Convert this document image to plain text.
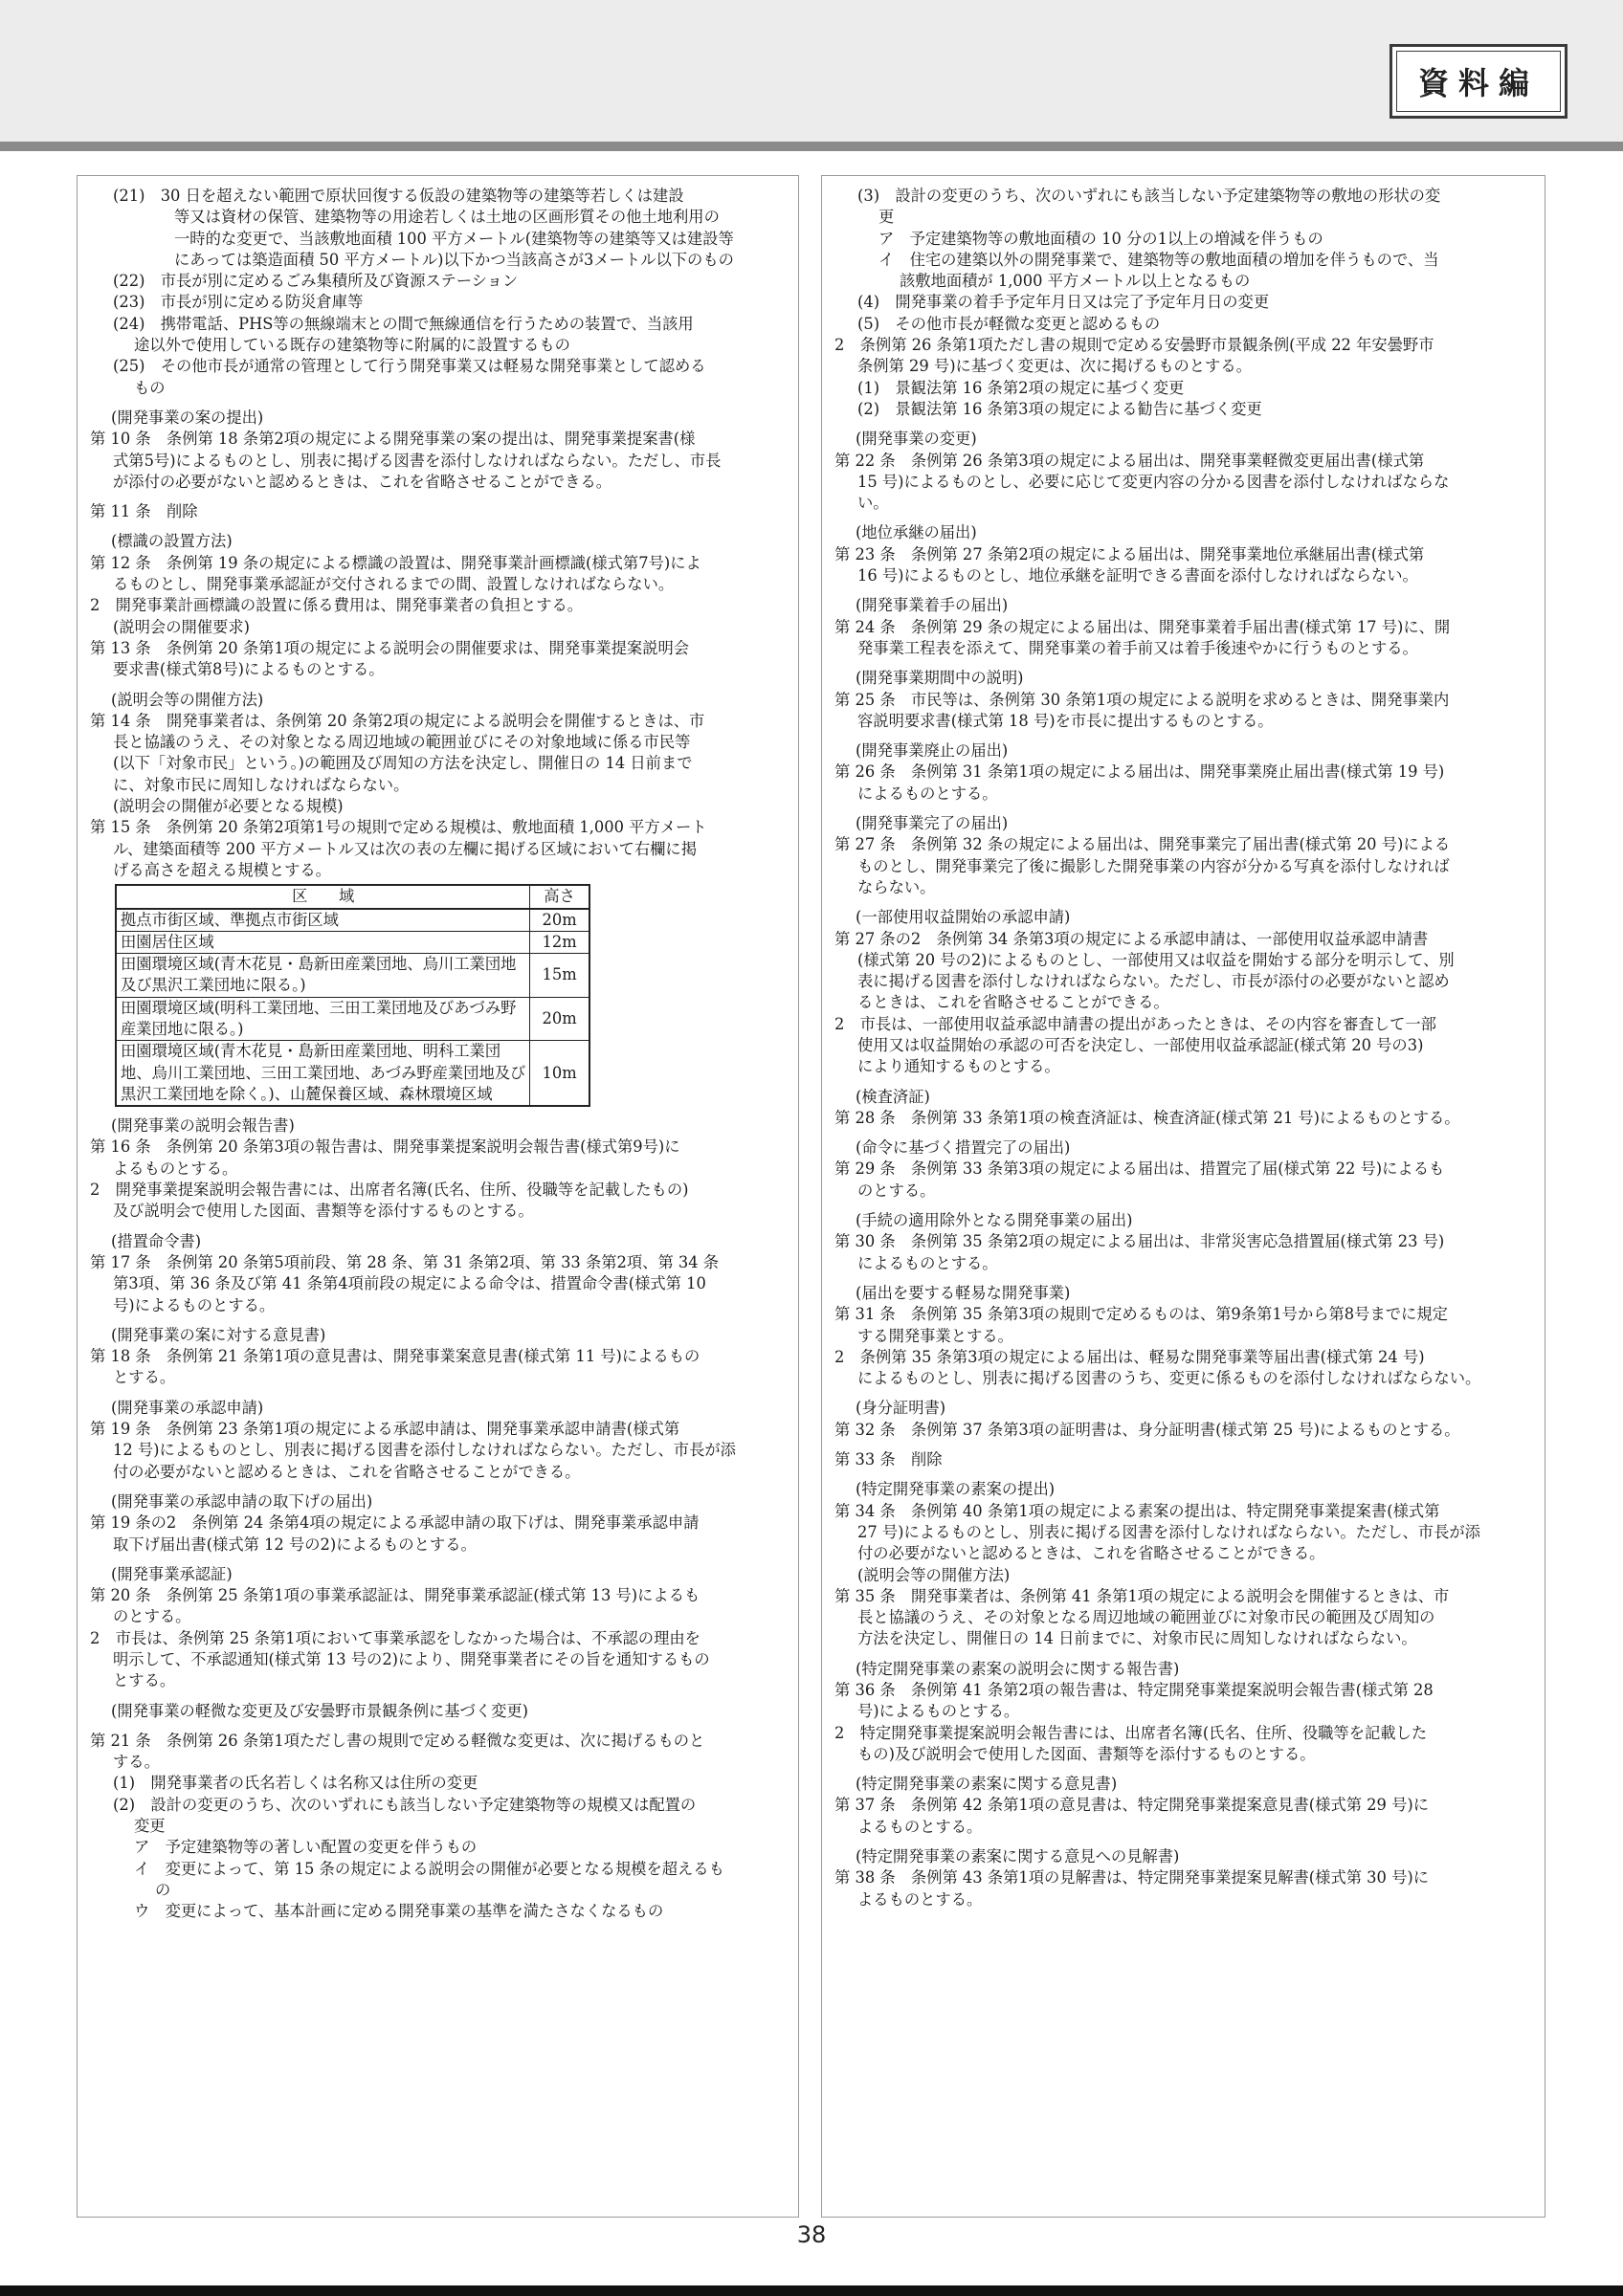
資料編
(21)　30 日を超えない範囲で原状回復する仮設の建築物等の建築等若しくは建設
等又は資材の保管、建築物等の用途若しくは土地の区画形質その他土地利用の
一時的な変更で、当該敷地面積 100 平方メートル(建築物等の建築等又は建設等
にあっては築造面積 50 平方メートル)以下かつ当該高さが3メートル以下のもの
(22)　市長が別に定めるごみ集積所及び資源ステーション
(23)　市長が別に定める防災倉庫等
(24)　携帯電話、PHS等の無線端末との間で無線通信を行うための装置で、当該用
途以外で使用している既存の建築物等に附属的に設置するもの
(25)　その他市長が通常の管理として行う開発事業又は軽易な開発事業として認める
もの
(開発事業の案の提出)
第 10 条　条例第 18 条第2項の規定による開発事業の案の提出は、開発事業提案書(様
式第5号)によるものとし、別表に掲げる図書を添付しなければならない。ただし、市長
が添付の必要がないと認めるときは、これを省略させることができる。
第 11 条　削除
(標識の設置方法)
第 12 条　条例第 19 条の規定による標識の設置は、開発事業計画標識(様式第7号)によ
るものとし、開発事業承認証が交付されるまでの間、設置しなければならない。
2　開発事業計画標識の設置に係る費用は、開発事業者の負担とする。
(説明会の開催要求)
第 13 条　条例第 20 条第1項の規定による説明会の開催要求は、開発事業提案説明会
要求書(様式第8号)によるものとする。
(説明会等の開催方法)
第 14 条　開発事業者は、条例第 20 条第2項の規定による説明会を開催するときは、市
長と協議のうえ、その対象となる周辺地域の範囲並びにその対象地域に係る市民等
(以下「対象市民」という。)の範囲及び周知の方法を決定し、開催日の 14 日前まで
に、対象市民に周知しなければならない。
(説明会の開催が必要となる規模)
第 15 条　条例第 20 条第2項第1号の規則で定める規模は、敷地面積 1,000 平方メート
ル、建築面積等 200 平方メートル又は次の表の左欄に掲げる区域において右欄に掲
げる高さを超える規模とする。
区　　域	高さ

拠点市街区域、準拠点市街区域	20m

田園居住区域	12m

田園環境区域(青木花見・島新田産業団地、烏川工業団地
及び黒沢工業団地に限る。)	15m

田園環境区域(明科工業団地、三田工業団地及びあづみ野
産業団地に限る。)	20m

田園環境区域(青木花見・島新田産業団地、明科工業団
地、烏川工業団地、三田工業団地、あづみ野産業団地及び
黒沢工業団地を除く。)、山麓保養区域、森林環境区域	10m
(開発事業の説明会報告書)
第 16 条　条例第 20 条第3項の報告書は、開発事業提案説明会報告書(様式第9号)に
よるものとする。
2　開発事業提案説明会報告書には、出席者名簿(氏名、住所、役職等を記載したもの)
及び説明会で使用した図面、書類等を添付するものとする。
(措置命令書)
第 17 条　条例第 20 条第5項前段、第 28 条、第 31 条第2項、第 33 条第2項、第 34 条
第3項、第 36 条及び第 41 条第4項前段の規定による命令は、措置命令書(様式第 10
号)によるものとする。
(開発事業の案に対する意見書)
第 18 条　条例第 21 条第1項の意見書は、開発事業案意見書(様式第 11 号)によるもの
とする。
(開発事業の承認申請)
第 19 条　条例第 23 条第1項の規定による承認申請は、開発事業承認申請書(様式第
12 号)によるものとし、別表に掲げる図書を添付しなければならない。ただし、市長が添
付の必要がないと認めるときは、これを省略させることができる。
(開発事業の承認申請の取下げの届出)
第 19 条の2　条例第 24 条第4項の規定による承認申請の取下げは、開発事業承認申請
取下げ届出書(様式第 12 号の2)によるものとする。
(開発事業承認証)
第 20 条　条例第 25 条第1項の事業承認証は、開発事業承認証(様式第 13 号)によるも
のとする。
2　市長は、条例第 25 条第1項において事業承認をしなかった場合は、不承認の理由を
明示して、不承認通知(様式第 13 号の2)により、開発事業者にその旨を通知するもの
とする。
(開発事業の軽微な変更及び安曇野市景観条例に基づく変更)
第 21 条　条例第 26 条第1項ただし書の規則で定める軽微な変更は、次に掲げるものと
する。
(1)　開発事業者の氏名若しくは名称又は住所の変更
(2)　設計の変更のうち、次のいずれにも該当しない予定建築物等の規模又は配置の
変更
ア　予定建築物等の著しい配置の変更を伴うもの
イ　変更によって、第 15 条の規定による説明会の開催が必要となる規模を超えるも
の
ウ　変更によって、基本計画に定める開発事業の基準を満たさなくなるもの
(3)　設計の変更のうち、次のいずれにも該当しない予定建築物等の敷地の形状の変
更
ア　予定建築物等の敷地面積の 10 分の1以上の増減を伴うもの
イ　住宅の建築以外の開発事業で、建築物等の敷地面積の増加を伴うもので、当
該敷地面積が 1,000 平方メートル以上となるもの
(4)　開発事業の着手予定年月日又は完了予定年月日の変更
(5)　その他市長が軽微な変更と認めるもの
2　条例第 26 条第1項ただし書の規則で定める安曇野市景観条例(平成 22 年安曇野市
条例第 29 号)に基づく変更は、次に掲げるものとする。
(1)　景観法第 16 条第2項の規定に基づく変更
(2)　景観法第 16 条第3項の規定による勧告に基づく変更
(開発事業の変更)
第 22 条　条例第 26 条第3項の規定による届出は、開発事業軽微変更届出書(様式第
15 号)によるものとし、必要に応じて変更内容の分かる図書を添付しなければならな
い。
(地位承継の届出)
第 23 条　条例第 27 条第2項の規定による届出は、開発事業地位承継届出書(様式第
16 号)によるものとし、地位承継を証明できる書面を添付しなければならない。
(開発事業着手の届出)
第 24 条　条例第 29 条の規定による届出は、開発事業着手届出書(様式第 17 号)に、開
発事業工程表を添えて、開発事業の着手前又は着手後速やかに行うものとする。
(開発事業期間中の説明)
第 25 条　市民等は、条例第 30 条第1項の規定による説明を求めるときは、開発事業内
容説明要求書(様式第 18 号)を市長に提出するものとする。
(開発事業廃止の届出)
第 26 条　条例第 31 条第1項の規定による届出は、開発事業廃止届出書(様式第 19 号)
によるものとする。
(開発事業完了の届出)
第 27 条　条例第 32 条の規定による届出は、開発事業完了届出書(様式第 20 号)による
ものとし、開発事業完了後に撮影した開発事業の内容が分かる写真を添付しなければ
ならない。
(一部使用収益開始の承認申請)
第 27 条の2　条例第 34 条第3項の規定による承認申請は、一部使用収益承認申請書
(様式第 20 号の2)によるものとし、一部使用又は収益を開始する部分を明示して、別
表に掲げる図書を添付しなければならない。ただし、市長が添付の必要がないと認め
るときは、これを省略させることができる。
2　市長は、一部使用収益承認申請書の提出があったときは、その内容を審査して一部
使用又は収益開始の承認の可否を決定し、一部使用収益承認証(様式第 20 号の3)
により通知するものとする。
(検査済証)
第 28 条　条例第 33 条第1項の検査済証は、検査済証(様式第 21 号)によるものとする。
(命令に基づく措置完了の届出)
第 29 条　条例第 33 条第3項の規定による届出は、措置完了届(様式第 22 号)によるも
のとする。
(手続の適用除外となる開発事業の届出)
第 30 条　条例第 35 条第2項の規定による届出は、非常災害応急措置届(様式第 23 号)
によるものとする。
(届出を要する軽易な開発事業)
第 31 条　条例第 35 条第3項の規則で定めるものは、第9条第1号から第8号までに規定
する開発事業とする。
2　条例第 35 条第3項の規定による届出は、軽易な開発事業等届出書(様式第 24 号)
によるものとし、別表に掲げる図書のうち、変更に係るものを添付しなければならない。
(身分証明書)
第 32 条　条例第 37 条第3項の証明書は、身分証明書(様式第 25 号)によるものとする。
第 33 条　削除
(特定開発事業の素案の提出)
第 34 条　条例第 40 条第1項の規定による素案の提出は、特定開発事業提案書(様式第
27 号)によるものとし、別表に掲げる図書を添付しなければならない。ただし、市長が添
付の必要がないと認めるときは、これを省略させることができる。
(説明会等の開催方法)
第 35 条　開発事業者は、条例第 41 条第1項の規定による説明会を開催するときは、市
長と協議のうえ、その対象となる周辺地域の範囲並びに対象市民の範囲及び周知の
方法を決定し、開催日の 14 日前までに、対象市民に周知しなければならない。
(特定開発事業の素案の説明会に関する報告書)
第 36 条　条例第 41 条第2項の報告書は、特定開発事業提案説明会報告書(様式第 28
号)によるものとする。
2　特定開発事業提案説明会報告書には、出席者名簿(氏名、住所、役職等を記載した
もの)及び説明会で使用した図面、書類等を添付するものとする。
(特定開発事業の素案に関する意見書)
第 37 条　条例第 42 条第1項の意見書は、特定開発事業提案意見書(様式第 29 号)に
よるものとする。
(特定開発事業の素案に関する意見への見解書)
第 38 条　条例第 43 条第1項の見解書は、特定開発事業提案見解書(様式第 30 号)に
よるものとする。
38
